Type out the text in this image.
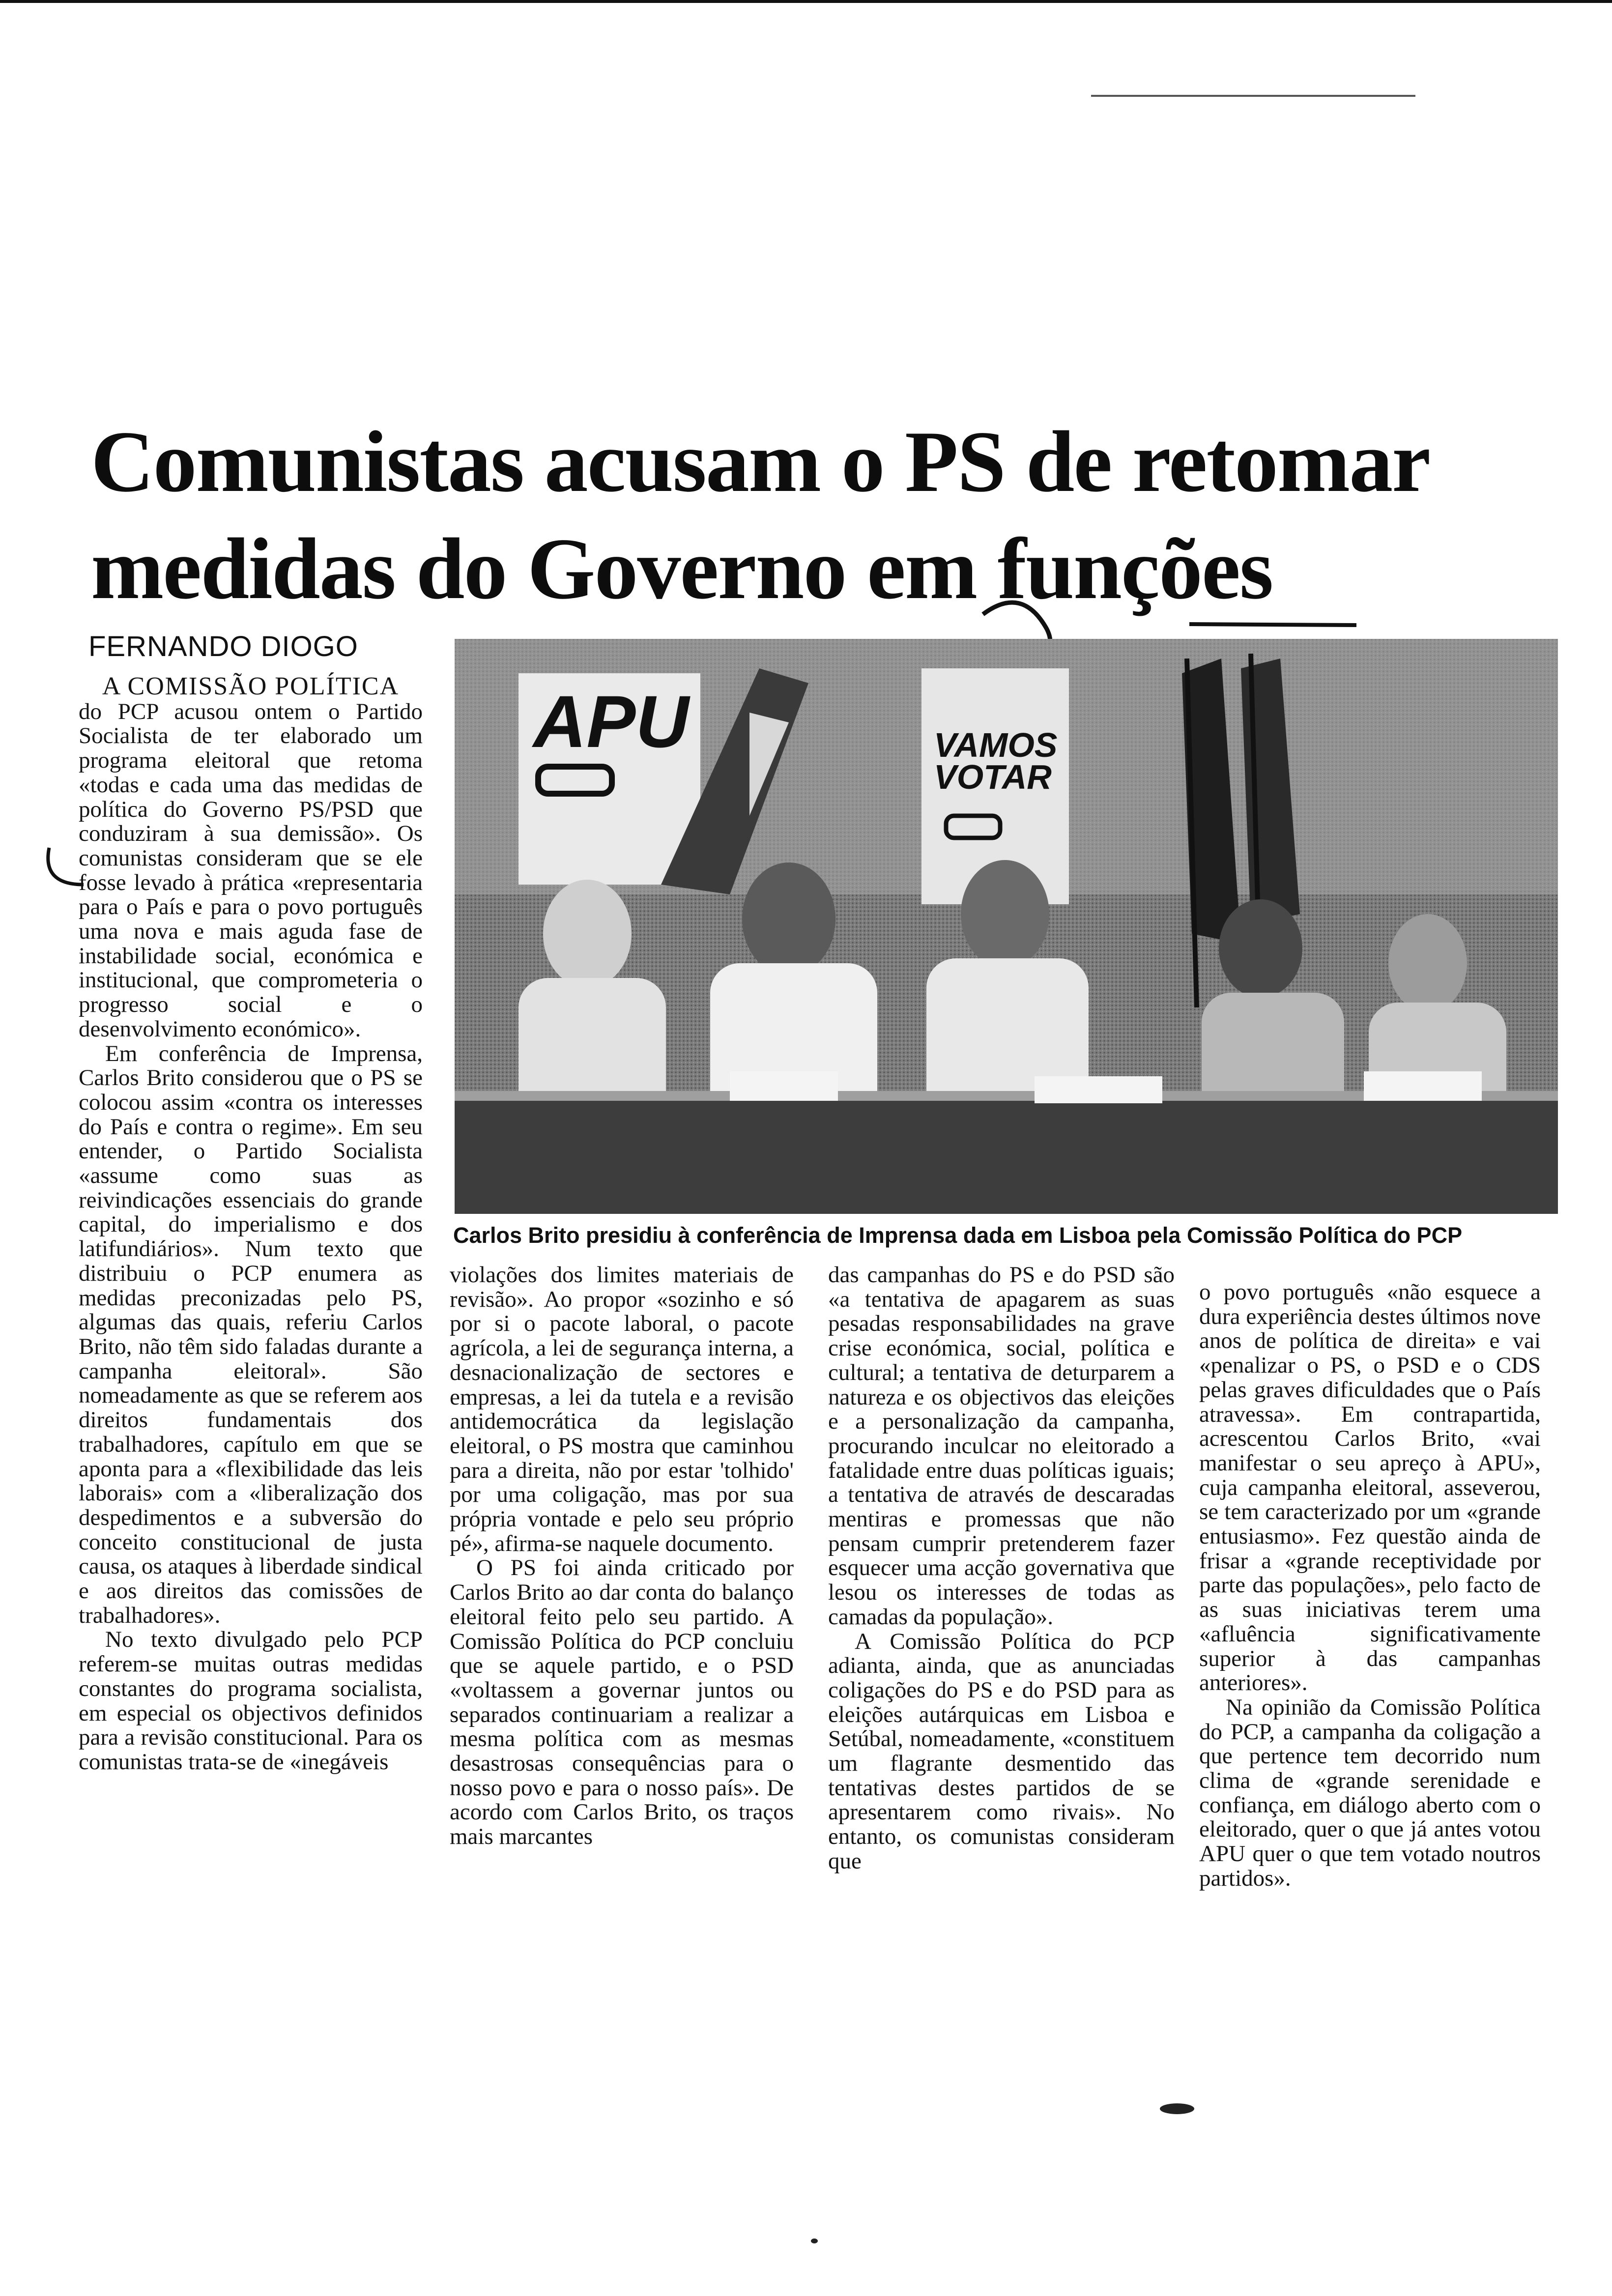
Comunistas acusam o PS de retomar
medidas do Governo em funções
FERNANDO DIOGO
APU	VAMOS
VOTAR
Carlos Brito presidiu à conferência de Imprensa dada em Lisboa pela Comissão Política do PCP

A COMISSÃO POLÍTICA

do PCP acusou ontem o Partido Socialista de ter elaborado um programa eleitoral que retoma «todas e cada uma das medidas de política do Governo PS/PSD que conduziram à sua demissão». Os comunistas consideram que se ele fosse levado à prática «representaria para o País e para o povo português uma nova e mais aguda fase de instabilidade social, económica e institucional, que comprometeria o progresso social e o desenvolvimento económico».

Em conferência de Imprensa, Carlos Brito considerou que o PS se colocou assim «contra os interesses do País e contra o regime». Em seu entender, o Partido Socialista «assume como suas as reivindicações essenciais do grande capital, do imperialismo e dos latifundiários». Num texto que distribuiu o PCP enumera as medidas preconizadas pelo PS, algumas das quais, referiu Carlos Brito, não têm sido faladas durante a campanha eleitoral». São nomeadamente as que se referem aos direitos fundamentais dos trabalhadores, capítulo em que se aponta para a «flexibilidade das leis laborais» com a «liberalização dos despedimentos e a subversão do conceito constitucional de justa causa, os ataques à liberdade sindical e aos direitos das comissões de trabalhadores».

No texto divulgado pelo PCP referem-se muitas outras medidas constantes do programa socialista, em especial os objectivos definidos para a revisão constitucional. Para os comunistas trata-se de «inegáveis

violações dos limites materiais de revisão». Ao propor «sozinho e só por si o pacote laboral, o pacote agrícola, a lei de segurança interna, a desnacionalização de sectores e empresas, a lei da tutela e a revisão antidemocrática da legislação eleitoral, o PS mostra que caminhou para a direita, não por estar 'tolhido' por uma coligação, mas por sua própria vontade e pelo seu próprio pé», afirma-se naquele documento.

O PS foi ainda criticado por Carlos Brito ao dar conta do balanço eleitoral feito pelo seu partido. A Comissão Política do PCP concluiu que se aquele partido, e o PSD «voltassem a governar juntos ou separados continuariam a realizar a mesma política com as mesmas desastrosas consequências para o nosso povo e para o nosso país». De acordo com Carlos Brito, os traços mais marcantes

das campanhas do PS e do PSD são «a tentativa de apagarem as suas pesadas responsabilidades na grave crise económica, social, política e cultural; a tentativa de deturparem a natureza e os objectivos das eleições e a personalização da campanha, procurando inculcar no eleitorado a fatalidade entre duas políticas iguais; a tentativa de através de descaradas mentiras e promessas que não pensam cumprir pretenderem fazer esquecer uma acção governativa que lesou os interesses de todas as camadas da população».

A Comissão Política do PCP adianta, ainda, que as anunciadas coligações do PS e do PSD para as eleições autárquicas em Lisboa e Setúbal, nomeadamente, «constituem um flagrante desmentido das tentativas destes partidos de se apresentarem como rivais». No entanto, os comunistas consideram que

o povo português «não esquece a dura experiência destes últimos nove anos de política de direita» e vai «penalizar o PS, o PSD e o CDS pelas graves dificuldades que o País atravessa». Em contrapartida, acrescentou Carlos Brito, «vai manifestar o seu apreço à APU», cuja campanha eleitoral, asseverou, se tem caracterizado por um «grande entusiasmo». Fez questão ainda de frisar a «grande receptividade por parte das populações», pelo facto de as suas iniciativas terem uma «afluência significativamente superior à das campanhas anteriores».

Na opinião da Comissão Política do PCP, a campanha da coligação a que pertence tem decorrido num clima de «grande serenidade e confiança, em diálogo aberto com o eleitorado, quer o que já antes votou APU quer o que tem votado noutros partidos».
